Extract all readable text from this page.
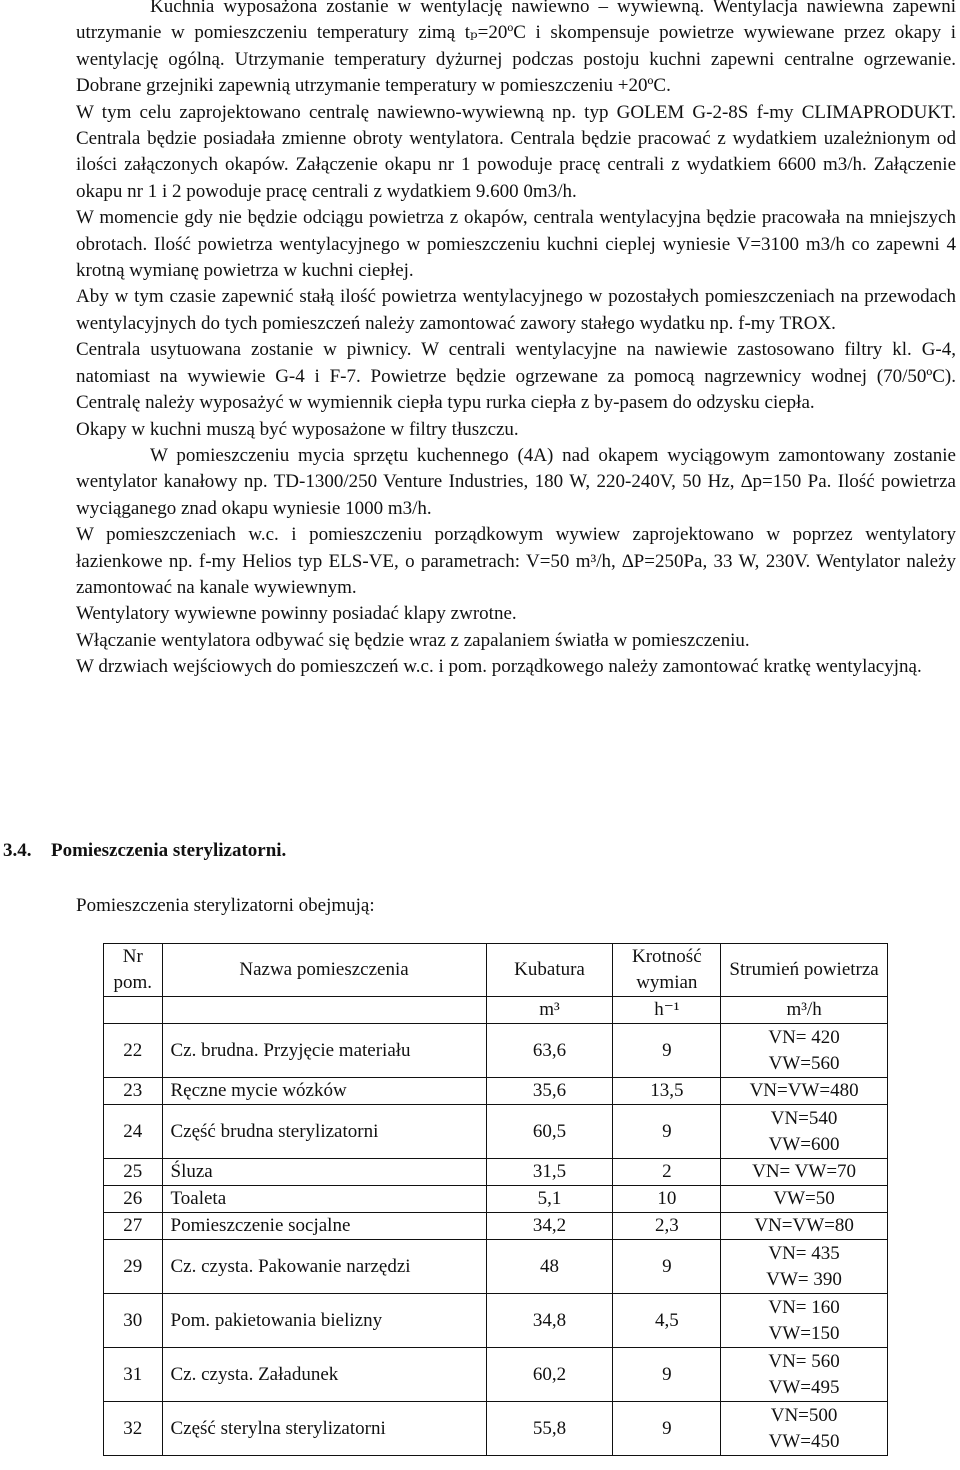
Kuchnia wyposażona zostanie w wentylację nawiewno – wywiewną. Wentylacja nawiewna zapewni utrzymanie w pomieszczeniu temperatury zimą tₚ=20ºC i skompensuje powietrze wywiewane przez okapy i wentylację ogólną. Utrzymanie temperatury dyżurnej podczas postoju kuchni zapewni centralne ogrzewanie. Dobrane grzejniki zapewnią utrzymanie temperatury w pomieszczeniu +20ºC.

W tym celu zaprojektowano centralę nawiewno-wywiewną np. typ GOLEM G-2-8S f-my CLIMAPRODUKT. Centrala będzie posiadała zmienne obroty wentylatora. Centrala będzie pracować z wydatkiem uzależnionym od ilości załączonych okapów. Załączenie okapu nr 1 powoduje pracę centrali z wydatkiem 6600 m3/h. Załączenie okapu nr 1 i 2 powoduje pracę centrali z wydatkiem 9.600 0m3/h.

W momencie gdy nie będzie odciągu powietrza z okapów, centrala wentylacyjna będzie pracowała na mniejszych obrotach. Ilość powietrza wentylacyjnego w pomieszczeniu kuchni cieplej wyniesie V=3100 m3/h co zapewni 4 krotną wymianę powietrza w kuchni ciepłej.

Aby w tym czasie zapewnić stałą ilość powietrza wentylacyjnego w pozostałych pomieszczeniach na przewodach wentylacyjnych do tych pomieszczeń należy zamontować zawory stałego wydatku np. f-my TROX.

Centrala usytuowana zostanie w piwnicy. W centrali wentylacyjne na nawiewie zastosowano filtry kl. G-4, natomiast na wywiewie G-4 i F-7. Powietrze będzie ogrzewane za pomocą nagrzewnicy wodnej (70/50ºC). Centralę należy wyposażyć w wymiennik ciepła typu rurka ciepła z by-pasem do odzysku ciepła.

Okapy w kuchni muszą być wyposażone w filtry tłuszczu.

W pomieszczeniu mycia sprzętu kuchennego (4A) nad okapem wyciągowym zamontowany zostanie wentylator kanałowy np. TD-1300/250 Venture Industries, 180 W, 220-240V, 50 Hz, ∆p=150 Pa. Ilość powietrza wyciąganego znad okapu wyniesie 1000 m3/h.

W pomieszczeniach w.c. i pomieszczeniu porządkowym wywiew zaprojektowano w poprzez wentylatory łazienkowe np. f-my Helios typ ELS-VE, o parametrach: V=50 m³/h, ∆P=250Pa, 33 W, 230V. Wentylator należy zamontować na kanale wywiewnym.

Wentylatory wywiewne powinny posiadać klapy zwrotne.

Włączanie wentylatora odbywać się będzie wraz z zapalaniem światła w pomieszczeniu.

W drzwiach wejściowych do pomieszczeń w.c. i pom. porządkowego należy zamontować kratkę wentylacyjną.

3.4. Pomieszczenia sterylizatorni.
Pomieszczenia sterylizatorni obejmują:
Nr pom.	Nazwa pomieszczenia	Kubatura	Krotność wymian	Strumień powietrza
		m³	h⁻¹	m³/h
22	Cz. brudna. Przyjęcie materiału	63,6	9	VN= 420
VW=560

23	Ręczne mycie wózków	35,6	13,5	VN=VW=480

24	Część brudna sterylizatorni	60,5	9	VN=540
VW=600

25	Śluza	31,5	2	VN= VW=70

26	Toaleta	5,1	10	VW=50

27	Pomieszczenie socjalne	34,2	2,3	VN=VW=80

29	Cz. czysta. Pakowanie narzędzi	48	9	VN= 435
VW= 390

30	Pom. pakietowania bielizny	34,8	4,5	VN= 160
VW=150

31	Cz. czysta. Załadunek	60,2	9	VN= 560
VW=495

32	Część sterylna sterylizatorni	55,8	9	VN=500
VW=450
